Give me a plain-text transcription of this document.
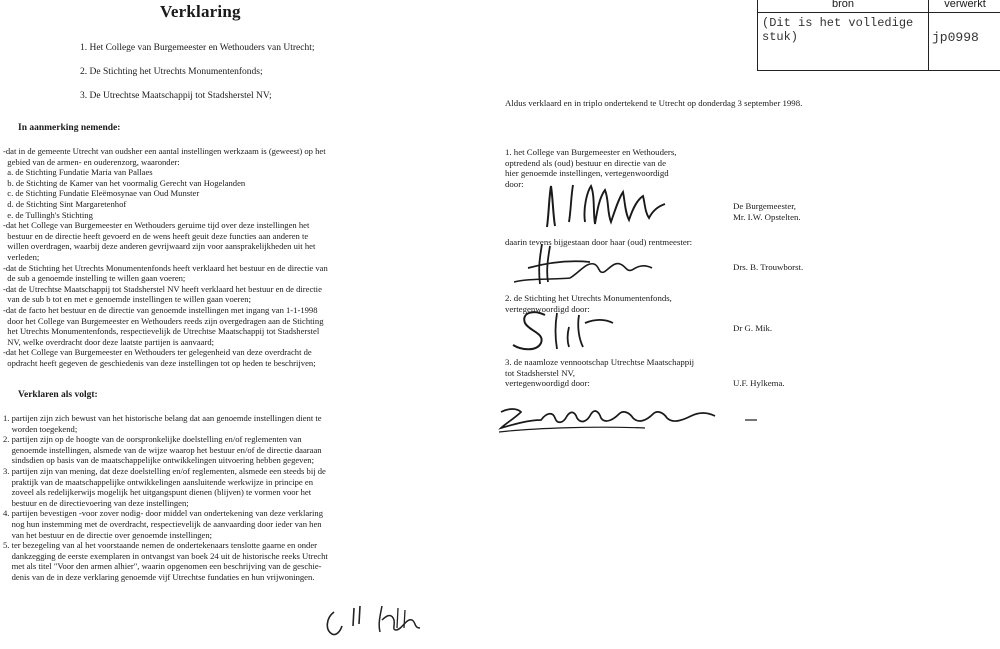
bron	verwerkt
(Dit is het volledige
stuk)	jp0998
Verklaring
1. Het College van Burgemeester en Wethouders van Utrecht;
2. De Stichting het Utrechts Monumentenfonds;
3. De Utrechtse Maatschappij tot Stadsherstel NV;
In aanmerking nemende:
-dat in de gemeente Utrecht van oudsher een aantal instellingen werkzaam is (geweest) op het
gebied van de armen- en ouderenzorg, waaronder:
a. de Stichting Fundatie Maria van Pallaes
b. de Stichting de Kamer van het voormalig Gerecht van Hogelanden
c. de Stichting Fundatie Eleëmosynae van Oud Munster
d. de Stichting Sint Margaretenhof
e. de Tullingh's Stichting
-dat het College van Burgemeester en Wethouders geruime tijd over deze instellingen het
bestuur en de directie heeft gevoerd en de wens heeft geuit deze functies aan anderen te
willen overdragen, waarbij deze anderen gevrijwaard zijn voor aansprakelijkheden uit het
verleden;
-dat de Stichting het Utrechts Monumentenfonds heeft verklaard het bestuur en de directie van
de sub a genoemde instelling te willen gaan voeren;
-dat de Utrechtse Maatschappij tot Stadsherstel NV heeft verklaard het bestuur en de directie
van de sub b tot en met e genoemde instellingen te willen gaan voeren;
-dat de facto het bestuur en de directie van genoemde instellingen met ingang van 1-1-1998
door het College van Burgemeester en Wethouders reeds zijn overgedragen aan de Stichting
het Utrechts Monumentenfonds, respectievelijk de Utrechtse Maatschappij tot Stadsherstel
NV, welke overdracht door deze laatste partijen is aanvaard;
-dat het College van Burgemeester en Wethouders ter gelegenheid van deze overdracht de
opdracht heeft gegeven de geschiedenis van deze instellingen tot op heden te beschrijven;
Verklaren als volgt:
1. partijen zijn zich bewust van het historische belang dat aan genoemde instellingen dient te
worden toegekend;
2. partijen zijn op de hoogte van de oorspronkelijke doelstelling en/of reglementen van
genoemde instellingen, alsmede van de wijze waarop het bestuur en/of de directie daaraan
sindsdien op basis van de maatschappelijke ontwikkelingen uitvoering hebben gegeven;
3. partijen zijn van mening, dat deze doelstelling en/of reglementen, alsmede een steeds bij de
praktijk van de maatschappelijke ontwikkelingen aansluitende werkwijze in principe en
zoveel als redelijkerwijs mogelijk het uitgangspunt dienen (blijven) te vormen voor het
bestuur en de directievoering van deze instellingen;
4. partijen bevestigen -voor zover nodig- door middel van ondertekening van deze verklaring
nog hun instemming met de overdracht, respectievelijk de aanvaarding door ieder van hen
van het bestuur en de directie over genoemde instellingen;
5. ter bezegeling van al het voorstaande nemen de ondertekenaars tenslotte gaarne en onder
dankzegging de eerste exemplaren in ontvangst van boek 24 uit de historische reeks Utrecht
met als titel "Voor den armen alhier", waarin opgenomen een beschrijving van de geschie-
denis van de in deze verklaring genoemde vijf Utrechtse fundaties en hun vrijwoningen.
Aldus verklaard en in triplo ondertekend te Utrecht op donderdag 3 september 1998.
1. het College van Burgemeester en Wethouders,
optredend als (oud) bestuur en directie van de
hier genoemde instellingen, vertegenwoordigd
door:
De Burgemeester,
Mr. I.W. Opstelten.
daarin tevens bijgestaan door haar (oud) rentmeester:
Drs. B. Trouwborst.
2. de Stichting het Utrechts Monumentenfonds,
vertegenwoordigd door:
Dr G. Mik.
3. de naamloze vennootschap Utrechtse Maatschappij
tot Stadsherstel NV,
vertegenwoordigd door:	U.F. Hylkema.
